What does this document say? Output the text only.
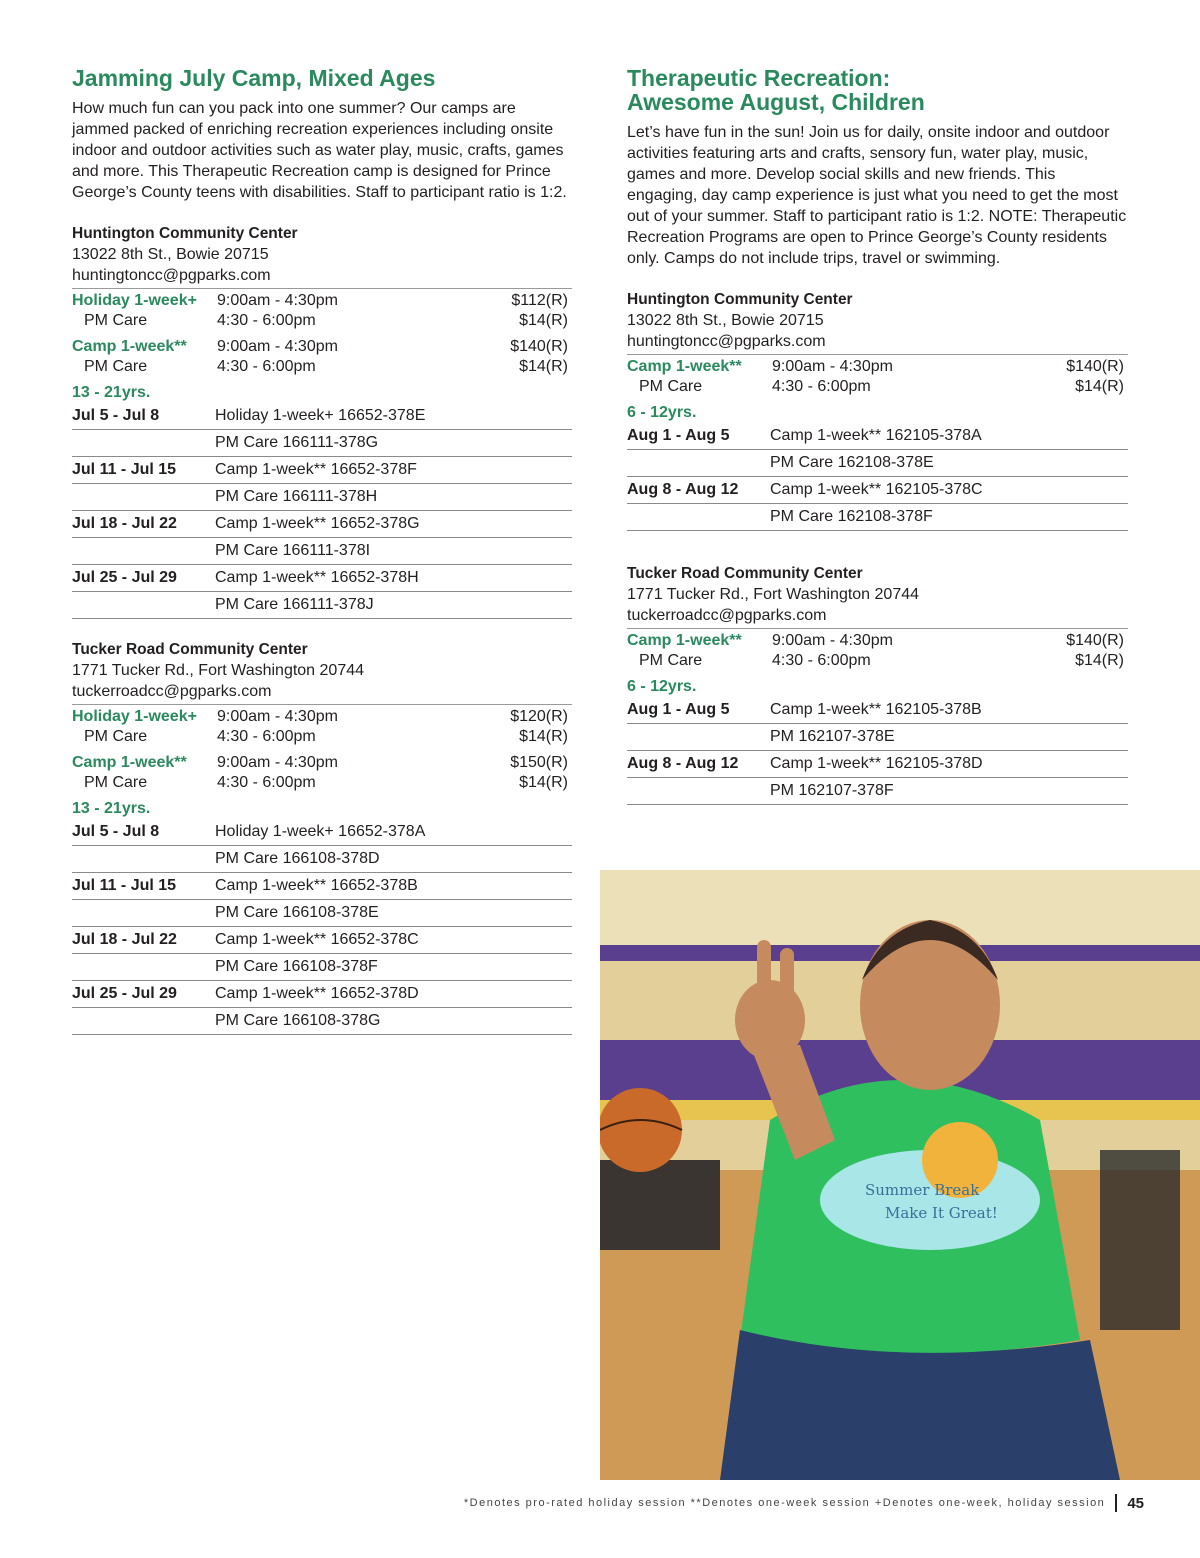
Jamming July Camp, Mixed Ages

How much fun can you pack into one summer? Our camps are jammed packed of enriching recreation experiences including onsite indoor and outdoor activities such as water play, music, crafts, games and more. This Therapeutic Recreation camp is designed for Prince George’s County teens with disabilities. Staff to participant ratio is 1:2.

Huntington Community Center
13022 8th St., Bowie 20715
huntingtoncc@pgparks.com
Holiday 1-week+	9:00am - 4:30pm	$112(R)
PM Care	4:30 - 6:00pm	$14(R)
Camp 1-week**	9:00am - 4:30pm	$140(R)
PM Care	4:30 - 6:00pm	$14(R)
13 - 21yrs.
Jul 5 - Jul 8	Holiday 1-week+ 16652-378E
PM Care 166111-378G
Jul 11 - Jul 15	Camp 1-week** 16652-378F
PM Care 166111-378H
Jul 18 - Jul 22	Camp 1-week** 16652-378G
PM Care 166111-378I
Jul 25 - Jul 29	Camp 1-week** 16652-378H
PM Care 166111-378J
Tucker Road Community Center
1771 Tucker Rd., Fort Washington 20744
tuckerroadcc@pgparks.com
Holiday 1-week+	9:00am - 4:30pm	$120(R)
PM Care	4:30 - 6:00pm	$14(R)
Camp 1-week**	9:00am - 4:30pm	$150(R)
PM Care	4:30 - 6:00pm	$14(R)
13 - 21yrs.
Jul 5 - Jul 8	Holiday 1-week+ 16652-378A
PM Care 166108-378D
Jul 11 - Jul 15	Camp 1-week** 16652-378B
PM Care 166108-378E
Jul 18 - Jul 22	Camp 1-week** 16652-378C
PM Care 166108-378F
Jul 25 - Jul 29	Camp 1-week** 16652-378D
PM Care 166108-378G
Therapeutic Recreation:
Awesome August, Children

Let’s have fun in the sun! Join us for daily, onsite indoor and outdoor activities featuring arts and crafts, sensory fun, water play, music, games and more. Develop social skills and new friends. This engaging, day camp experience is just what you need to get the most out of your summer. Staff to participant ratio is 1:2. NOTE: Therapeutic Recreation Programs are open to Prince George’s County residents only. Camps do not include trips, travel or swimming.

Huntington Community Center
13022 8th St., Bowie 20715
huntingtoncc@pgparks.com
Camp 1-week**	9:00am - 4:30pm	$140(R)
PM Care	4:30 - 6:00pm	$14(R)
6 - 12yrs.
Aug 1 - Aug 5	Camp 1-week** 162105-378A
PM Care 162108-378E
Aug 8 - Aug 12	Camp 1-week** 162105-378C
PM Care 162108-378F
Tucker Road Community Center
1771 Tucker Rd., Fort Washington 20744
tuckerroadcc@pgparks.com
Camp 1-week**	9:00am - 4:30pm	$140(R)
PM Care	4:30 - 6:00pm	$14(R)
6 - 12yrs.
Aug 1 - Aug 5	Camp 1-week** 162105-378B
PM 162107-378E
Aug 8 - Aug 12	Camp 1-week** 162105-378D
PM 162107-378F
Summer Break
Make It Great!
*Denotes pro-rated holiday session **Denotes one-week session +Denotes one-week, holiday session 45
